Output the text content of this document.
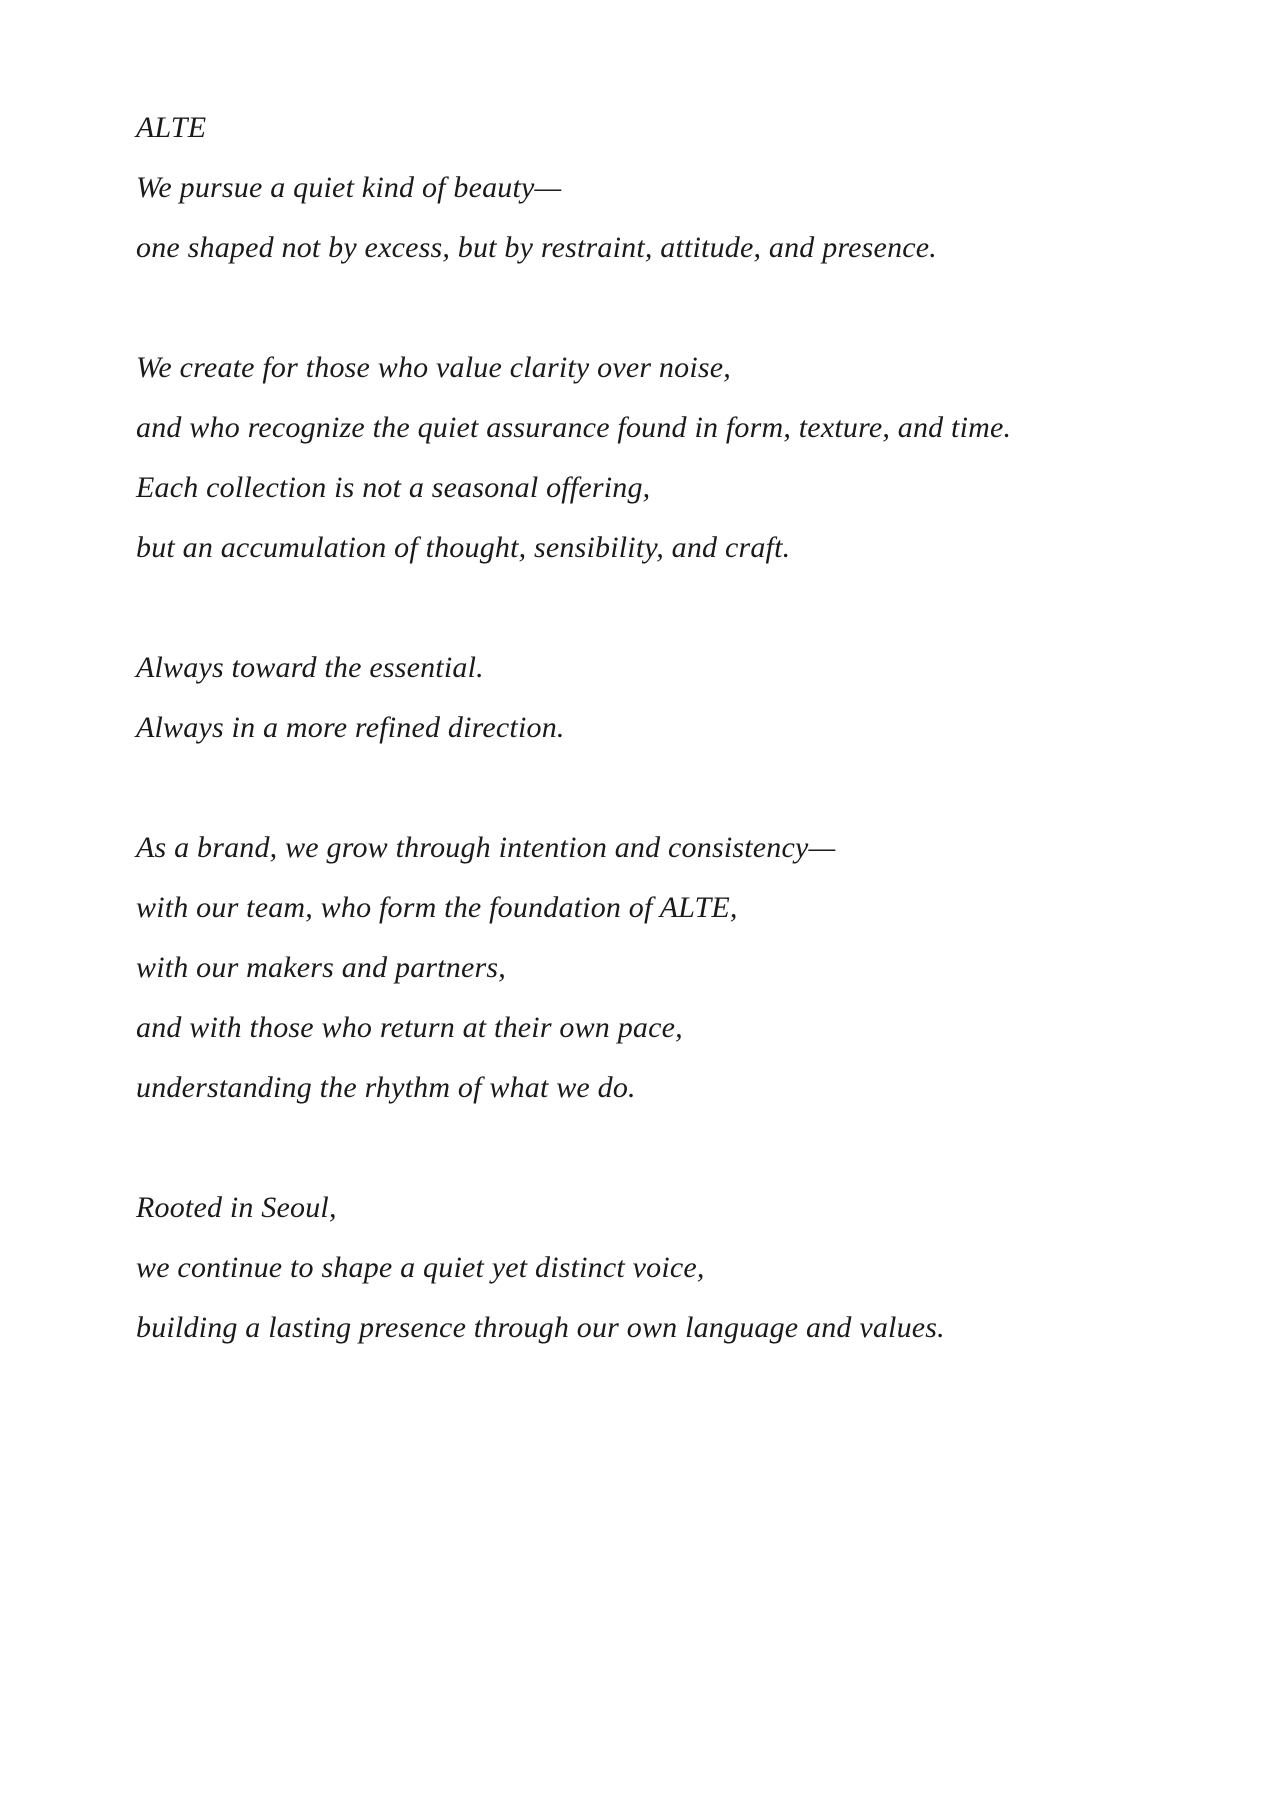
ALTE
We pursue a quiet kind of beauty—
one shaped not by excess, but by restraint, attitude, and presence.
We create for those who value clarity over noise,
and who recognize the quiet assurance found in form, texture, and time.
Each collection is not a seasonal offering,
but an accumulation of thought, sensibility, and craft.
Always toward the essential.
Always in a more refined direction.
As a brand, we grow through intention and consistency—
with our team, who form the foundation of ALTE,
with our makers and partners,
and with those who return at their own pace,
understanding the rhythm of what we do.
Rooted in Seoul,
we continue to shape a quiet yet distinct voice,
building a lasting presence through our own language and values.
